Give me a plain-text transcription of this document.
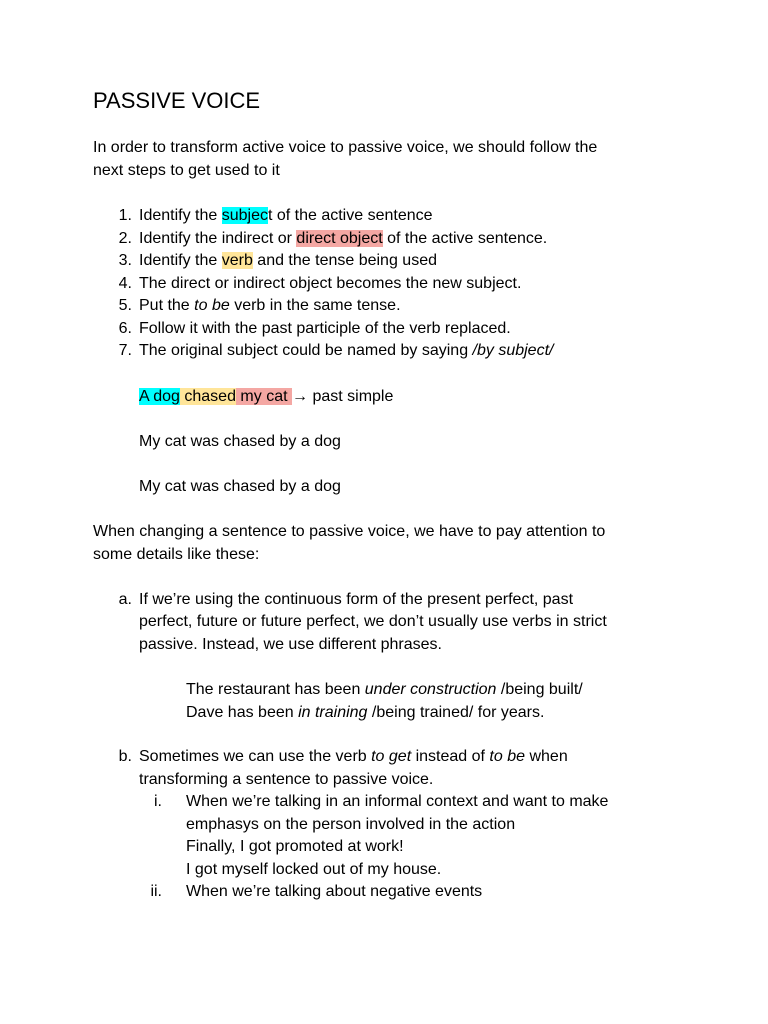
PASSIVE VOICE
In order to transform active voice to passive voice, we should follow the
next steps to get used to it
1. Identify the subject of the active sentence
2. Identify the indirect or direct object of the active sentence.
3. Identify the verb and the tense being used
4. The direct or indirect object becomes the new subject.
5. Put the to be verb in the same tense.
6. Follow it with the past participle of the verb replaced.
7. The original subject could be named by saying /by subject/
A dog chased my cat → past simple
My cat was chased by a dog
My cat was chased by a dog
When changing a sentence to passive voice, we have to pay attention to
some details like these:
a. If we’re using the continuous form of the present perfect, past
perfect, future or future perfect, we don’t usually use verbs in strict
passive. Instead, we use different phrases.
The restaurant has been under construction /being built/
Dave has been in training /being trained/ for years.
b. Sometimes we can use the verb to get instead of to be when
transforming a sentence to passive voice.
i. When we’re talking in an informal context and want to make
emphasys on the person involved in the action
Finally, I got promoted at work!
I got myself locked out of my house.
ii. When we’re talking about negative events
